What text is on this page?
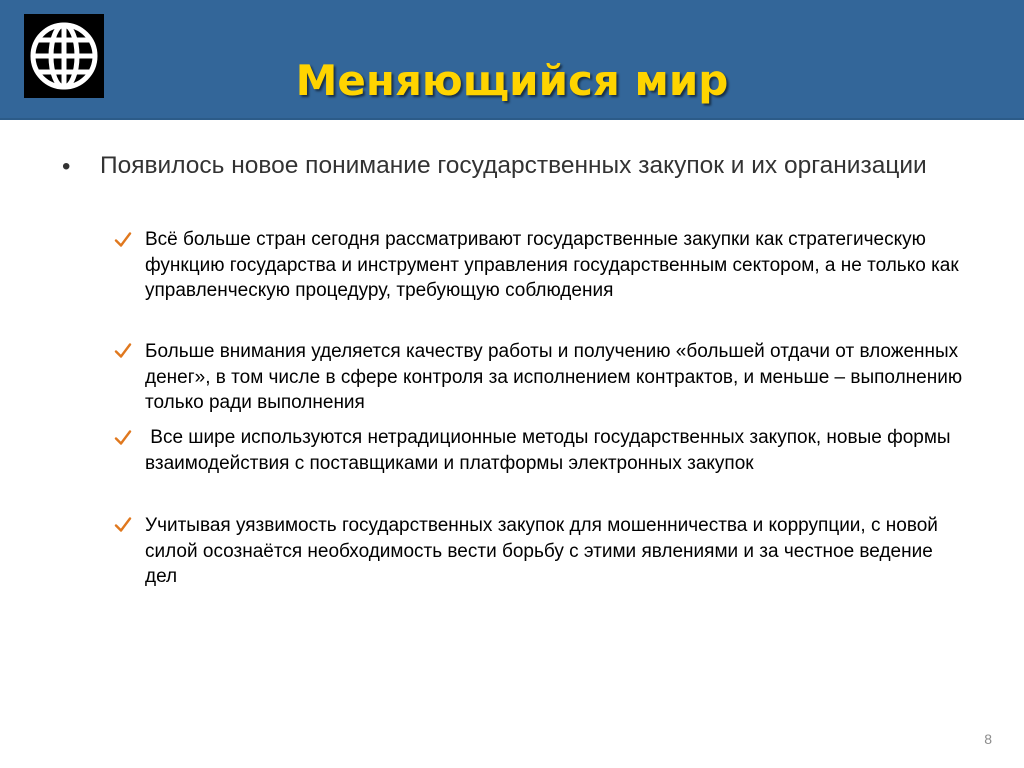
Меняющийся мир
• Появилось новое понимание государственных закупок и их организации
Всё больше стран сегодня рассматривают государственные закупки как стратегическую функцию государства и инструмент управления государственным сектором, а не только как управленческую процедуру, требующую соблюдения
Больше внимания уделяется качеству работы и получению «большей отдачи от вложенных денег», в том числе в сфере контроля за исполнением контрактов, и меньше – выполнению только ради выполнения
Все шире используются нетрадиционные методы государственных закупок, новые формы взаимодействия с поставщиками и платформы электронных закупок
Учитывая уязвимость государственных закупок для мошенничества и коррупции, с новой силой осознаётся необходимость вести борьбу с этими явлениями и за честное ведение дел
8
